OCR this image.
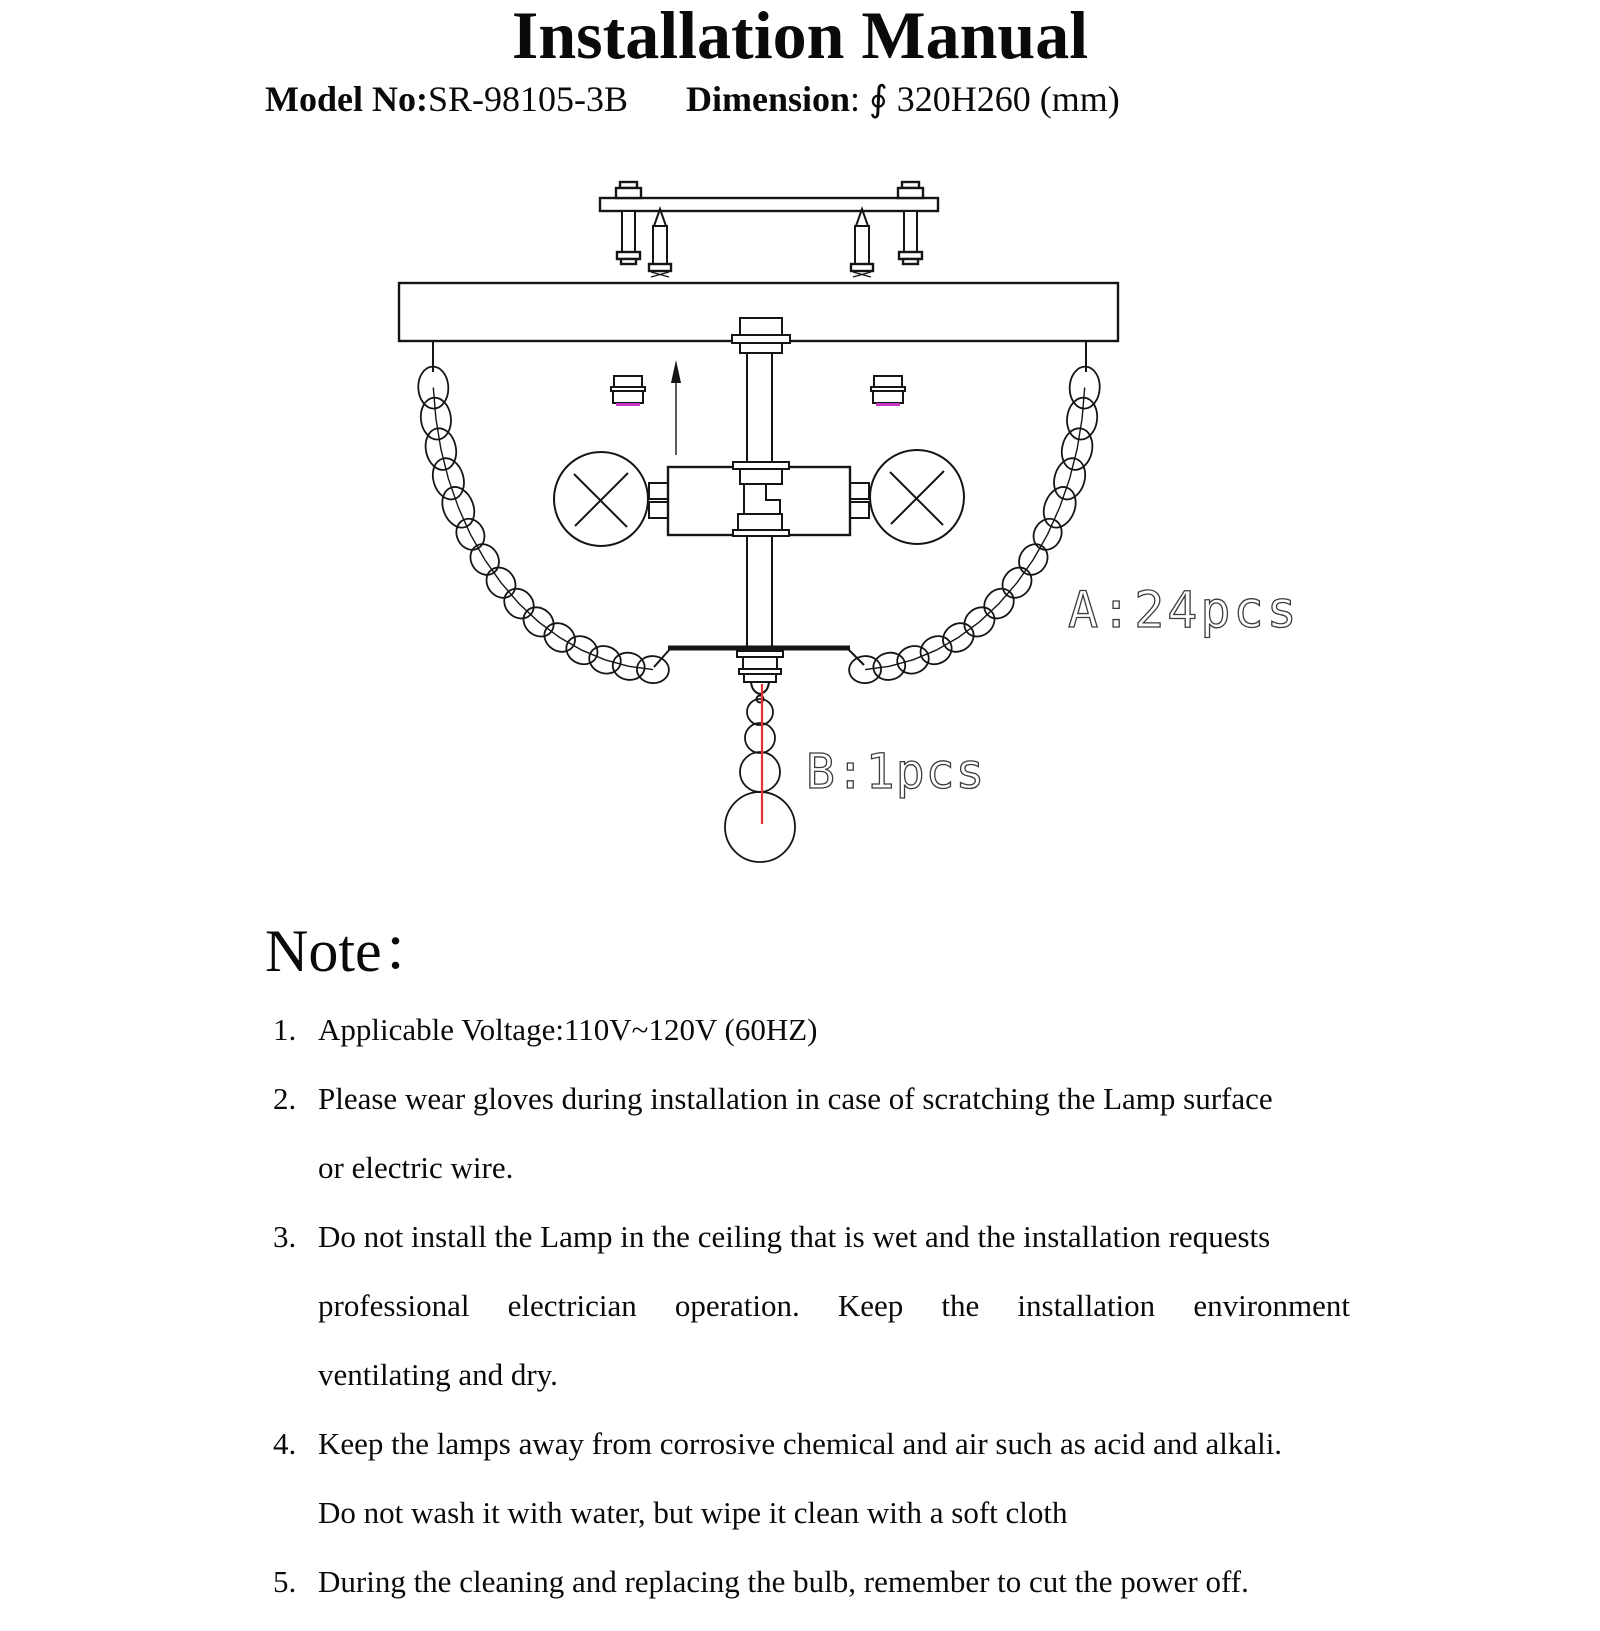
Installation Manual
Model No:SR-98105-3B Dimension: ∮ 320H260 (mm)
A:24pcs
B:1pcs
Note：
1. Applicable Voltage:110V~120V (60HZ)
2. Please wear gloves during installation in case of scratching the Lamp surface
or electric wire.
3. Do not install the Lamp in the ceiling that is wet and the installation requests
professional electrician operation. Keep the installation environment
ventilating and dry.
4. Keep the lamps away from corrosive chemical and air such as acid and alkali.
Do not wash it with water, but wipe it clean with a soft cloth
5. During the cleaning and replacing the bulb, remember to cut the power off.
